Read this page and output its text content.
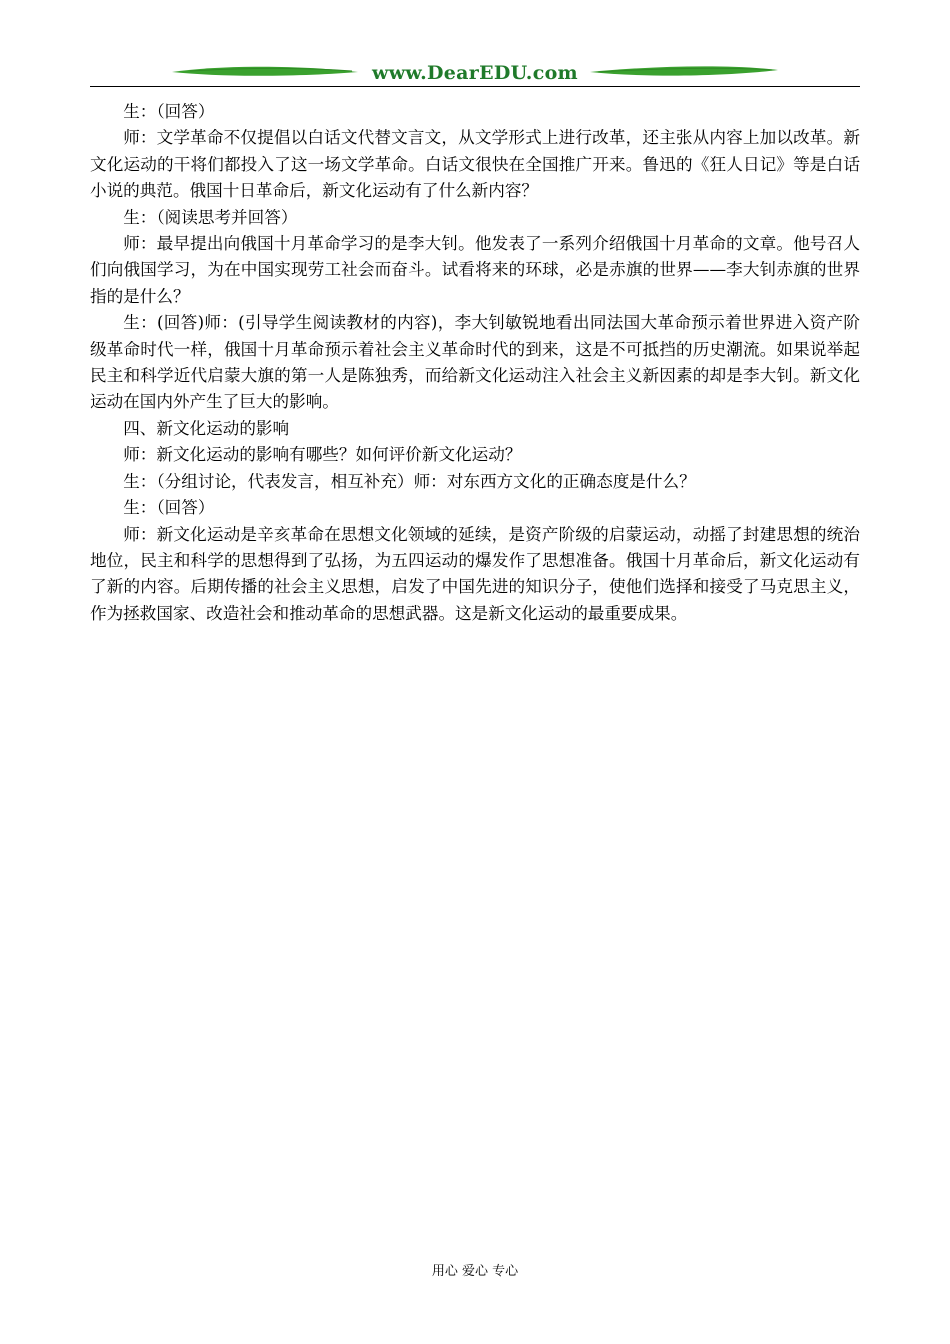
www.DearEDU.com

生：（回答）

师：文学革命不仅提倡以白话文代替文言文，从文学形式上进行改革，还主张从内容上加以改革。新文化运动的干将们都投入了这一场文学革命。白话文很快在全国推广开来。鲁迅的《狂人日记》等是白话小说的典范。俄国十日革命后，新文化运动有了什么新内容？

生：（阅读思考并回答）

师：最早提出向俄国十月革命学习的是李大钊。他发表了一系列介绍俄国十月革命的文章。他号召人们向俄国学习，为在中国实现劳工社会而奋斗。试看将来的环球，必是赤旗的世界——李大钊赤旗的世界指的是什么？

生：(回答)师：(引导学生阅读教材的内容)，李大钊敏锐地看出同法国大革命预示着世界进入资产阶级革命时代一样，俄国十月革命预示着社会主义革命时代的到来，这是不可抵挡的历史潮流。如果说举起民主和科学近代启蒙大旗的第一人是陈独秀，而给新文化运动注入社会主义新因素的却是李大钊。新文化运动在国内外产生了巨大的影响。

四、新文化运动的影响

师：新文化运动的影响有哪些？如何评价新文化运动？

生：（分组讨论，代表发言，相互补充）师：对东西方文化的正确态度是什么？

生：（回答）

师：新文化运动是辛亥革命在思想文化领域的延续，是资产阶级的启蒙运动，动摇了封建思想的统治地位，民主和科学的思想得到了弘扬，为五四运动的爆发作了思想准备。俄国十月革命后，新文化运动有了新的内容。后期传播的社会主义思想，启发了中国先进的知识分子，使他们选择和接受了马克思主义，作为拯救国家、改造社会和推动革命的思想武器。这是新文化运动的最重要成果。

用心 爱心 专心
